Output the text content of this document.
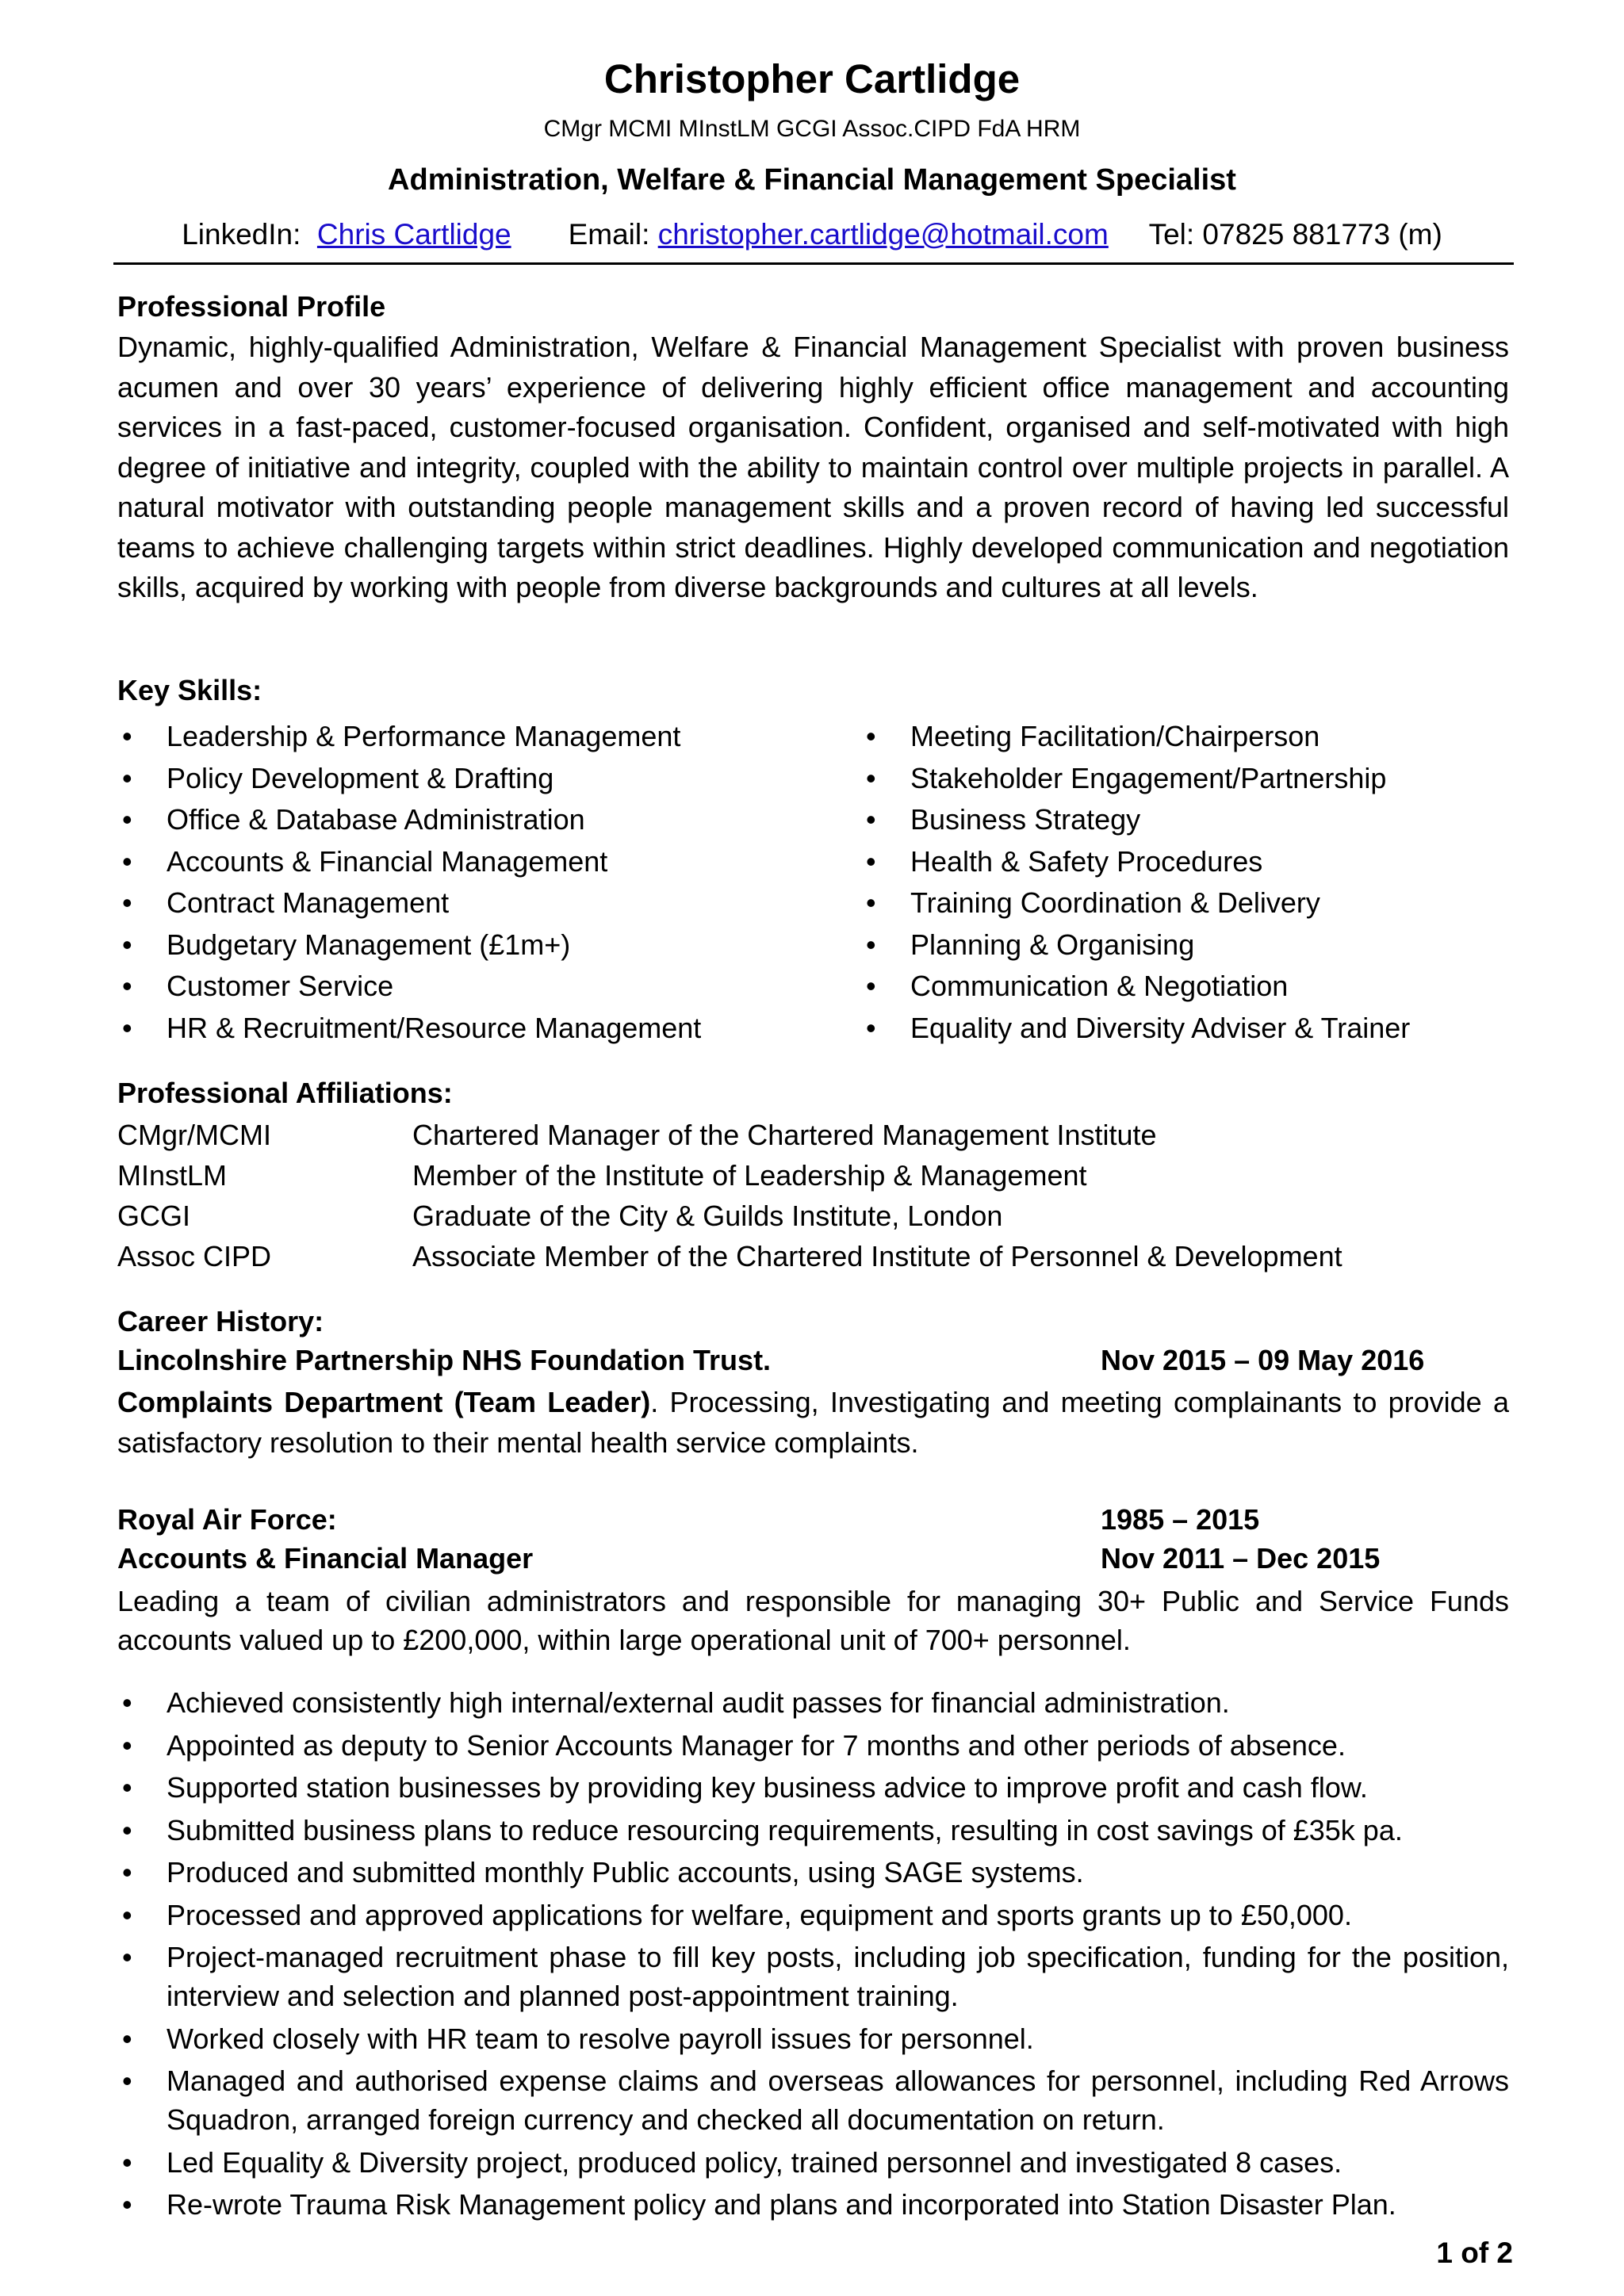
Christopher Cartlidge
CMgr MCMI MInstLM GCGI Assoc.CIPD FdA HRM
Administration, Welfare & Financial Management Specialist
LinkedIn: Chris Cartlidge Email: christopher.cartlidge@hotmail.com Tel: 07825 881773 (m)
Professional Profile
Dynamic, highly-qualified Administration, Welfare & Financial Management Specialist with proven business acumen and over 30 years’ experience of delivering highly efficient office management and accounting services in a fast-paced, customer-focused organisation. Confident, organised and self-motivated with high degree of initiative and integrity, coupled with the ability to maintain control over multiple projects in parallel. A natural motivator with outstanding people management skills and a proven record of having led successful teams to achieve challenging targets within strict deadlines. Highly developed communication and negotiation skills, acquired by working with people from diverse backgrounds and cultures at all levels.
Key Skills:
• Leadership & Performance Management
• Policy Development & Drafting
• Office & Database Administration
• Accounts & Financial Management
• Contract Management
• Budgetary Management (£1m+)
• Customer Service
• HR & Recruitment/Resource Management
• Meeting Facilitation/Chairperson
• Stakeholder Engagement/Partnership
• Business Strategy
• Health & Safety Procedures
• Training Coordination & Delivery
• Planning & Organising
• Communication & Negotiation
• Equality and Diversity Adviser & Trainer
Professional Affiliations:
CMgr/MCMI	Chartered Manager of the Chartered Management Institute
MInstLM	Member of the Institute of Leadership & Management
GCGI	Graduate of the City & Guilds Institute, London
Assoc CIPD	Associate Member of the Chartered Institute of Personnel & Development
Career History:
Lincolnshire Partnership NHS Foundation Trust.	Nov 2015 – 09 May 2016
Complaints Department (Team Leader). Processing, Investigating and meeting complainants to provide a satisfactory resolution to their mental health service complaints.
Royal Air Force:	1985 – 2015
Accounts & Financial Manager	Nov 2011 – Dec 2015
Leading a team of civilian administrators and responsible for managing 30+ Public and Service Funds accounts valued up to £200,000, within large operational unit of 700+ personnel.
• Achieved consistently high internal/external audit passes for financial administration.
• Appointed as deputy to Senior Accounts Manager for 7 months and other periods of absence.
• Supported station businesses by providing key business advice to improve profit and cash flow.
• Submitted business plans to reduce resourcing requirements, resulting in cost savings of £35k pa.
• Produced and submitted monthly Public accounts, using SAGE systems.
• Processed and approved applications for welfare, equipment and sports grants up to £50,000.
• Project-managed recruitment phase to fill key posts, including job specification, funding for the position, interview and selection and planned post-appointment training.
• Worked closely with HR team to resolve payroll issues for personnel.
• Managed and authorised expense claims and overseas allowances for personnel, including Red Arrows Squadron, arranged foreign currency and checked all documentation on return.
• Led Equality & Diversity project, produced policy, trained personnel and investigated 8 cases.
• Re-wrote Trauma Risk Management policy and plans and incorporated into Station Disaster Plan.
1 of 2
